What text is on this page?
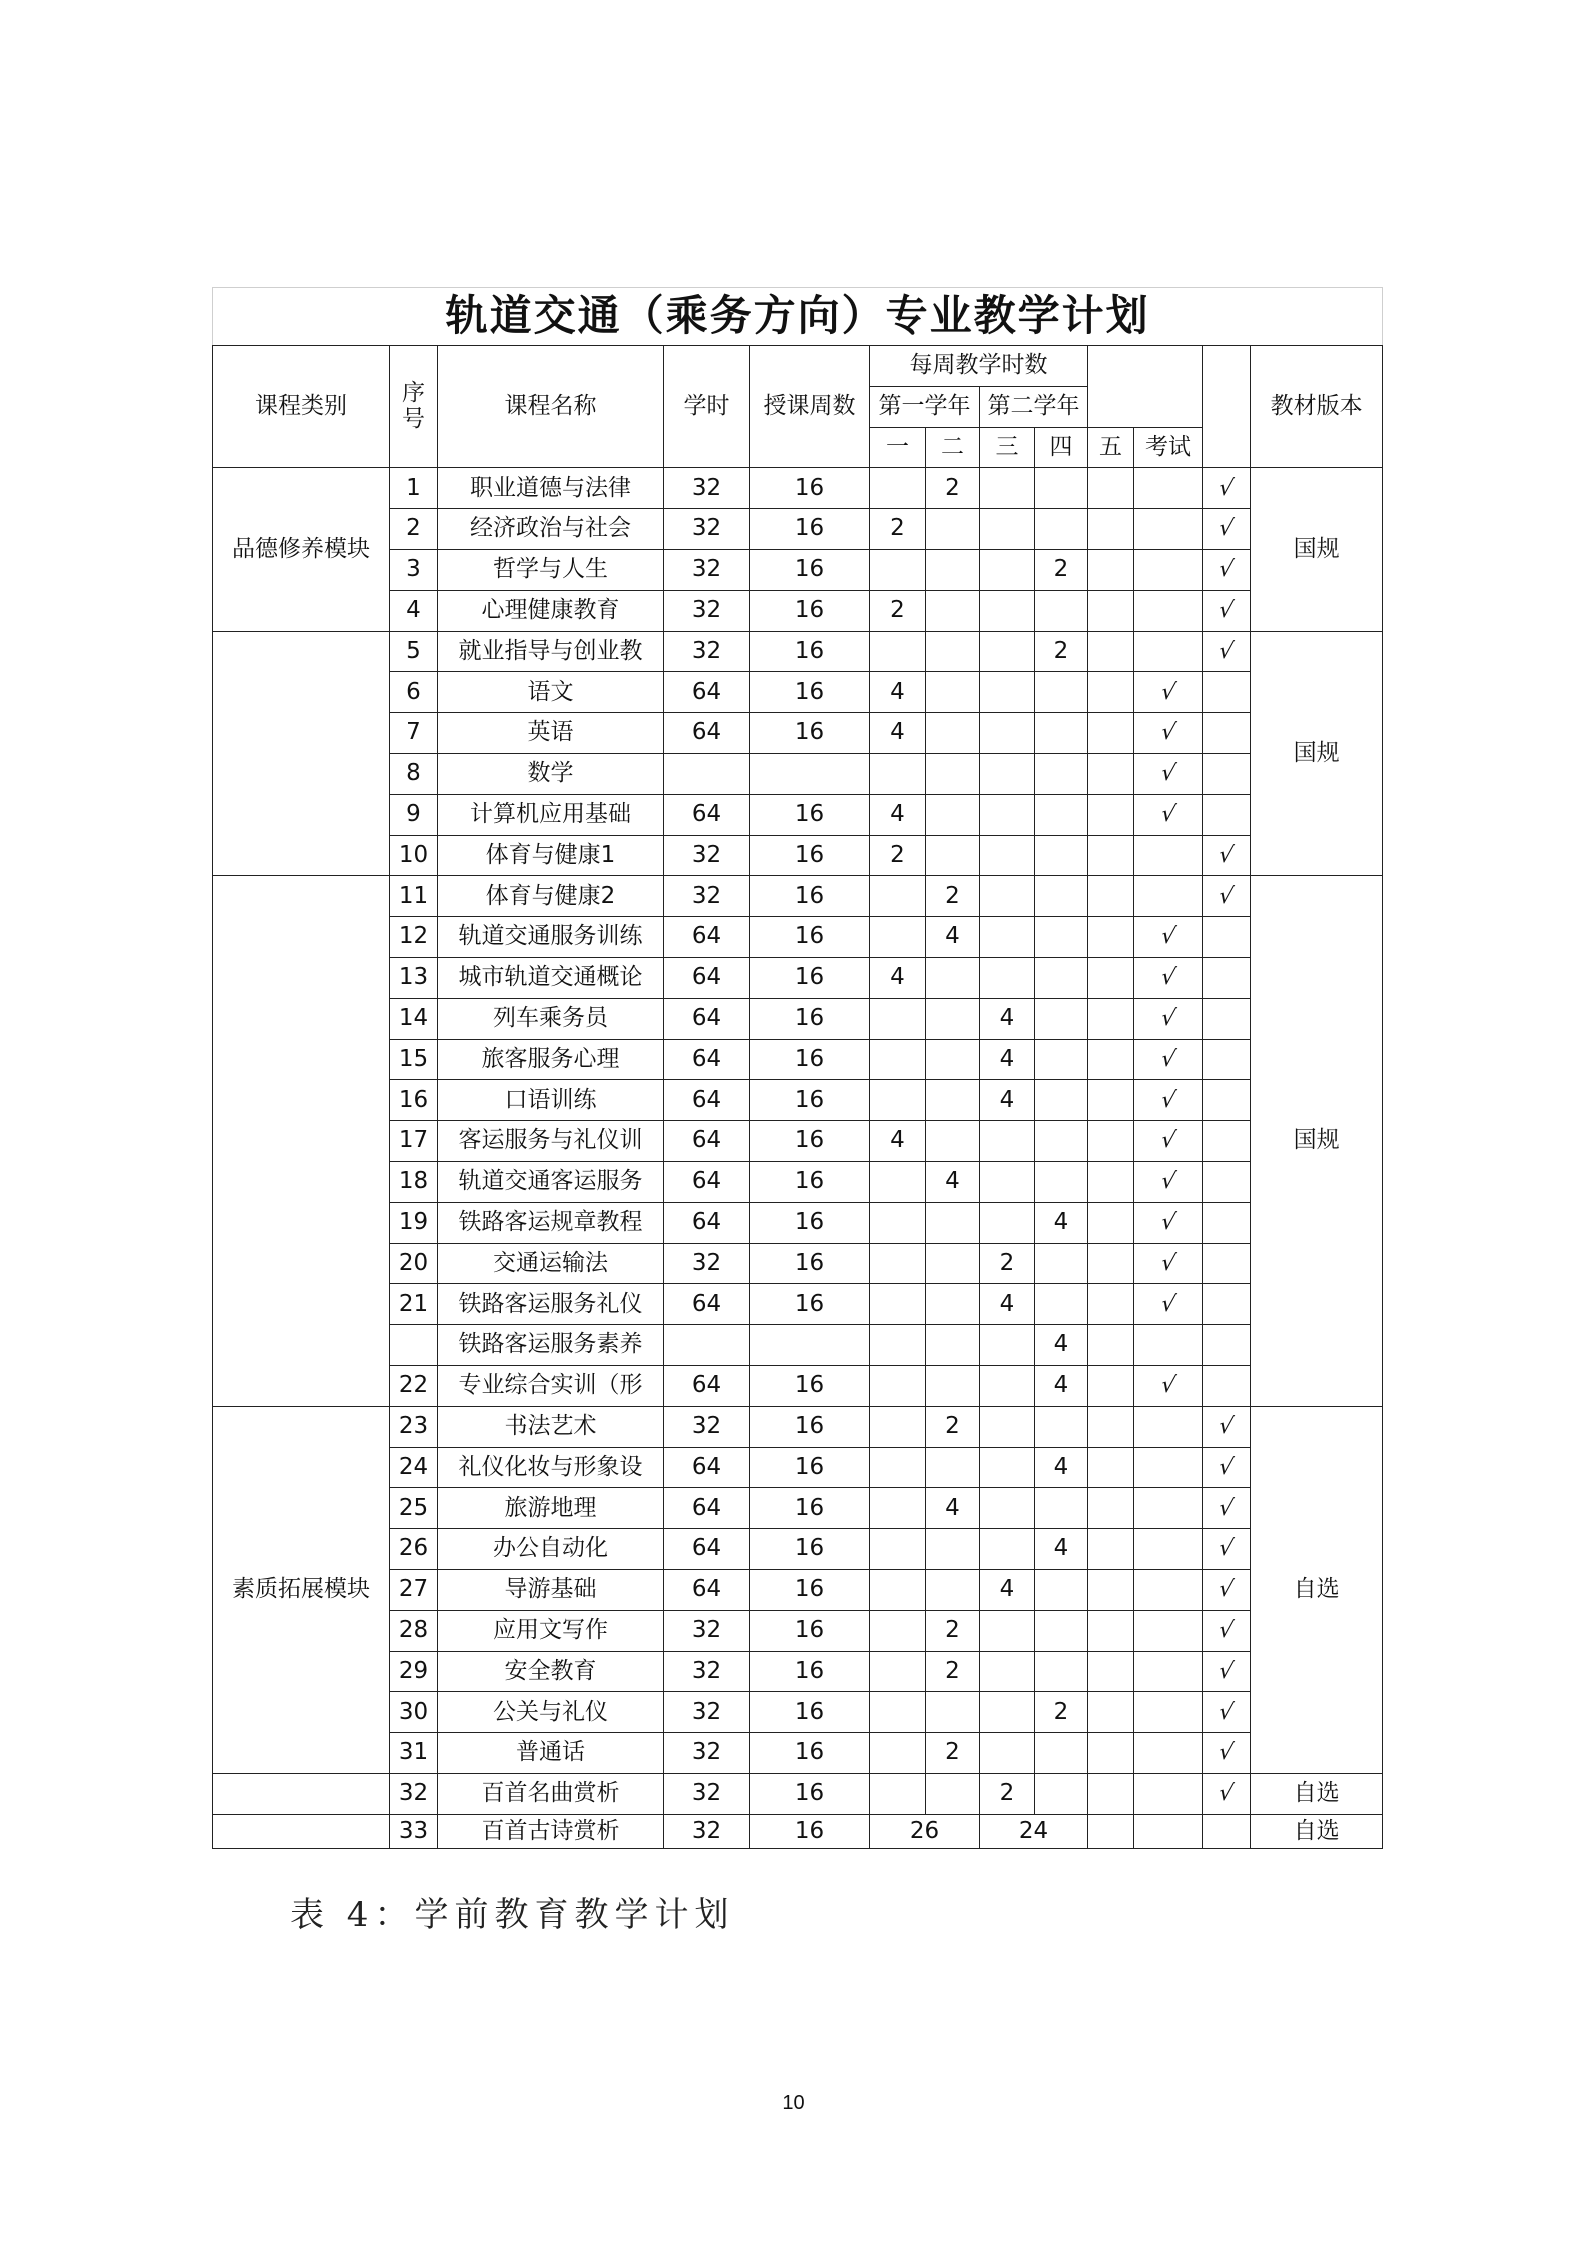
轨道交通（乘务方向）专业教学计划												
课程类别	序号	课程名称	学时	授课周数	每周教学时数							教材版本
					第一学年		第二学年					
					一	二	三	四	五	考试		
品德修养模块	1	职业道德与法律	32	16		2					√	国规
	2	经济政治与社会	32	16	2						√	
	3	哲学与人生	32	16				2			√	
	4	心理健康教育	32	16	2						√	
	5	就业指导与创业教	32	16				2			√	国规
	6	语文	64	16	4					√		
	7	英语	64	16	4					√		
	8	数学								√		
	9	计算机应用基础	64	16	4					√		
	10	体育与健康1	32	16	2						√	
	11	体育与健康2	32	16		2					√	国规
	12	轨道交通服务训练	64	16		4				√		
	13	城市轨道交通概论	64	16	4					√		
	14	列车乘务员	64	16			4			√		
	15	旅客服务心理	64	16			4			√		
	16	口语训练	64	16			4			√		
	17	客运服务与礼仪训	64	16	4					√		
	18	轨道交通客运服务	64	16		4				√		
	19	铁路客运规章教程	64	16				4		√		
	20	交通运输法	32	16			2			√		
	21	铁路客运服务礼仪	64	16			4			√		
		铁路客运服务素养						4				
	22	专业综合实训（形	64	16				4		√		
素质拓展模块	23	书法艺术	32	16		2					√	自选
	24	礼仪化妆与形象设	64	16				4			√	
	25	旅游地理	64	16		4					√	
	26	办公自动化	64	16				4			√	
	27	导游基础	64	16			4				√	
	28	应用文写作	32	16		2					√	
	29	安全教育	32	16		2					√	
	30	公关与礼仪	32	16				2			√	
	31	普通话	32	16		2					√	
	32	百首名曲赏析	32	16			2				√	自选
	33	百首古诗赏析	32	16	26		24					自选
表 4：学前教育教学计划
10
